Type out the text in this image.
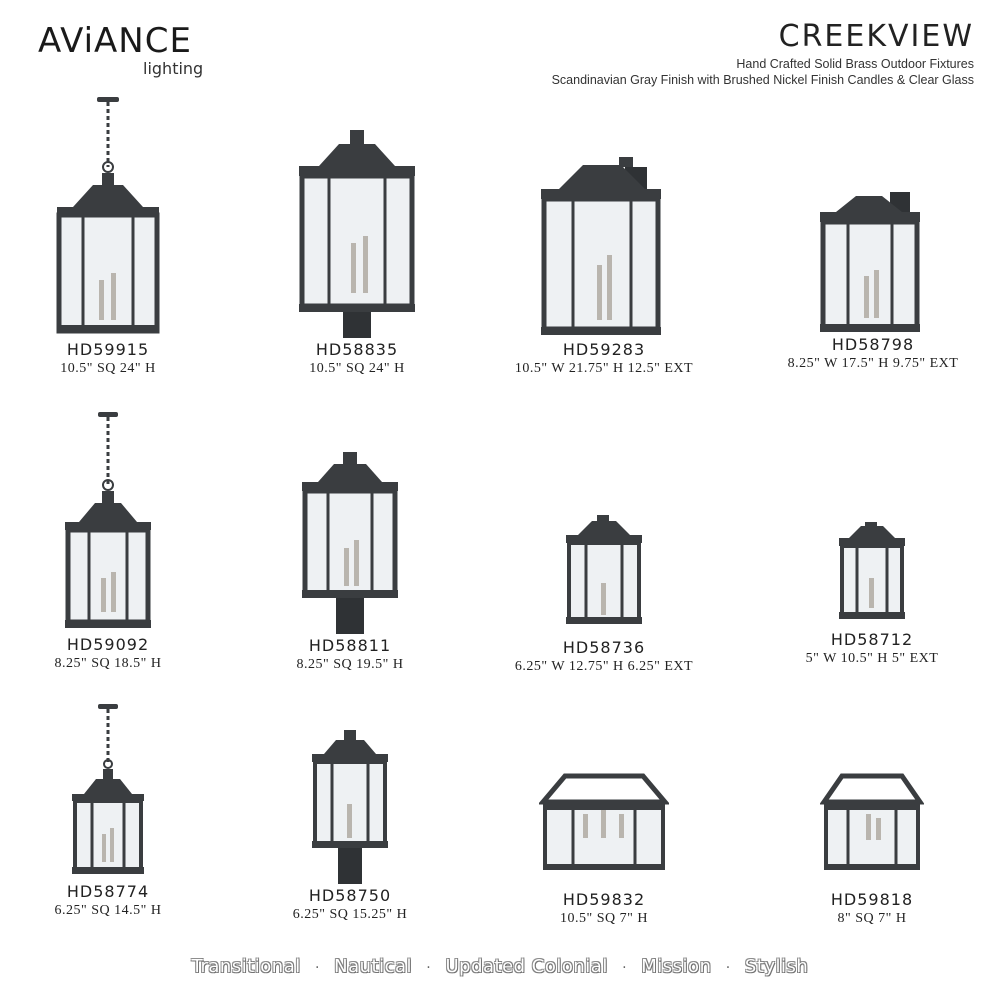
AViANCE
lighting
CREEKVIEW
Hand Crafted Solid Brass Outdoor Fixtures
Scandinavian Gray Finish with Brushed Nickel Finish Candles & Clear Glass
HD59915
10.5" SQ 24" H
HD58835
10.5" SQ 24" H
HD59283
10.5" W 21.75" H 12.5" EXT
HD58798
8.25" W 17.5" H 9.75" EXT
HD59092
8.25" SQ 18.5" H
HD58811
8.25" SQ 19.5" H
HD58736
6.25" W 12.75" H 6.25" EXT
HD58712
5" W 10.5" H 5" EXT
HD58774
6.25" SQ 14.5" H
HD58750
6.25" SQ 15.25" H
HD59832
10.5" SQ 7" H
HD59818
8" SQ 7" H
Transitional · Nautical · Updated Colonial · Mission · Stylish
